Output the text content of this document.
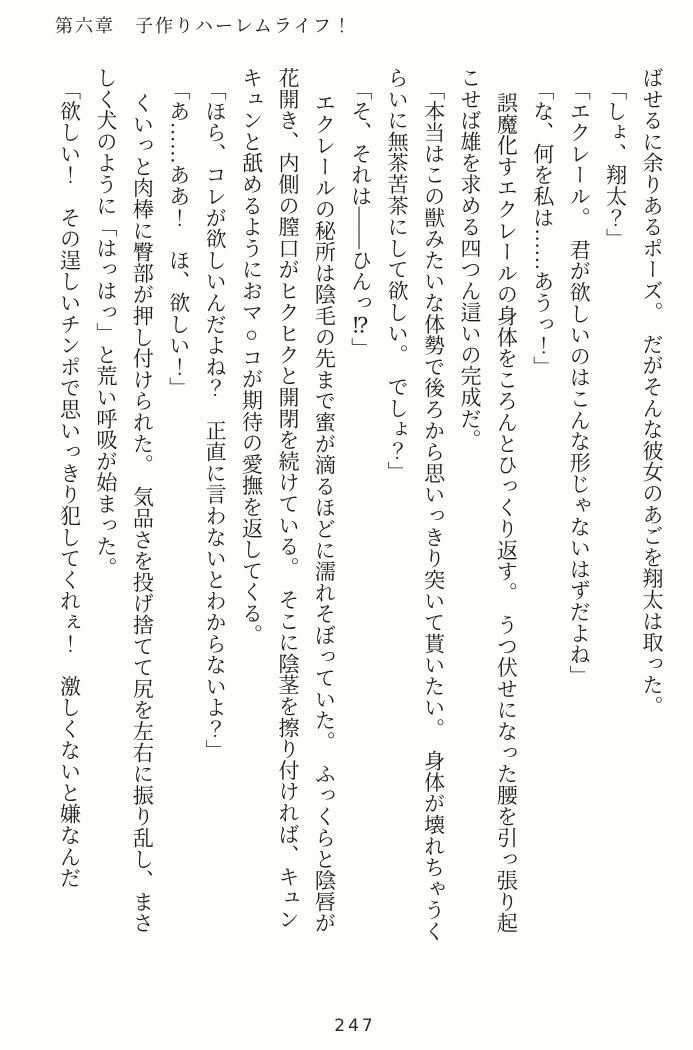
第六章　子作りハーレムライフ！
ばせるに余りあるポーズ。　だがそんな彼女のあごを翔太は取った。
「しょ、翔太？」
「エクレール。　君が欲しいのはこんな形じゃないはずだよね」
「な、何を私は……あうっ！」
誤魔化すエクレールの身体をころんとひっくり返す。　うつ伏せになった腰を引っ張り起
こせば雄を求める四つん這いの完成だ。
「本当はこの獣みたいな体勢で後ろから思いっきり突いて貰いたい。　身体が壊れちゃうく
らいに無茶苦茶にして欲しい。　でしょ？」
「そ、それは――ひんっ⁉」
エクレールの秘所は陰毛の先まで蜜が滴るほどに濡れそぼっていた。　ふっくらと陰唇が
花開き、内側の膣口がヒクヒクと開閉を続けている。　そこに陰茎を擦り付ければ、キュン
キュンと舐めるようにおマ○コが期待の愛撫を返してくる。
「ほら、コレが欲しいんだよね？　正直に言わないとわからないよ？」
「あ……ああ！　ほ、欲しい！」
くいっと肉棒に臀部が押し付けられた。　気品さを投げ捨てて尻を左右に振り乱し、まさ
しく犬のように「はっはっ」と荒い呼吸が始まった。
「欲しい！　その逞しいチンポで思いっきり犯してくれぇ！　激しくないと嫌なんだ
247
